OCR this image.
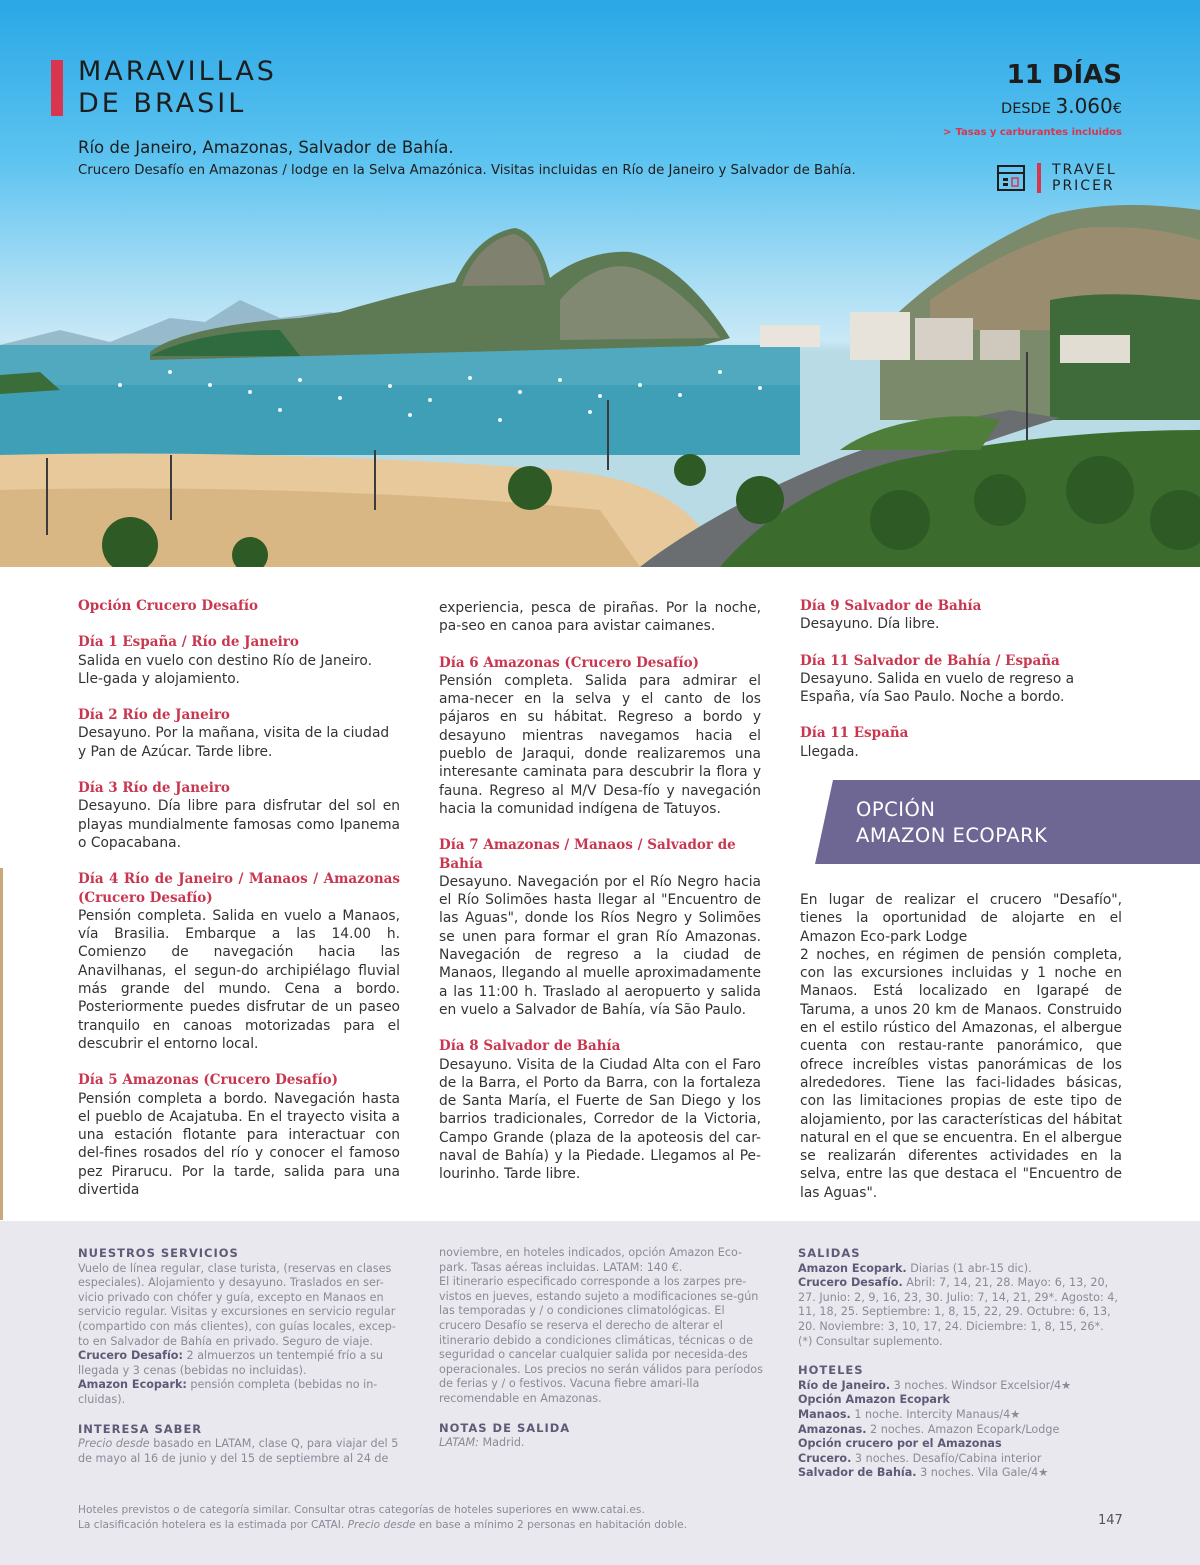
MARAVILLAS
DE BRASIL
Río de Janeiro, Amazonas, Salvador de Bahía.
Crucero Desafío en Amazonas / lodge en la Selva Amazónica. Visitas incluidas en Río de Janeiro y Salvador de Bahía.
11 DÍAS
DESDE 3.060€
> Tasas y carburantes incluidos
TRAVEL
PRICER
Opción Crucero Desafío
Día 1 España / Río de Janeiro
Salida en vuelo con destino Río de Janeiro. Lle-gada y alojamiento.
Día 2 Río de Janeiro
Desayuno. Por la mañana, visita de la ciudad y Pan de Azúcar. Tarde libre.
Día 3 Río de Janeiro
Desayuno. Día libre para disfrutar del sol en playas mundialmente famosas como Ipanema o Copacabana.
Día 4 Río de Janeiro / Manaos / Amazonas (Crucero Desafío)
Pensión completa. Salida en vuelo a Manaos, vía Brasilia. Embarque a las 14.00 h. Comienzo de navegación hacia las Anavilhanas, el segun-do archipiélago fluvial más grande del mundo. Cena a bordo. Posteriormente puedes disfrutar de un paseo tranquilo en canoas motorizadas para el descubrir el entorno local.
Día 5 Amazonas (Crucero Desafío)
Pensión completa a bordo. Navegación hasta el pueblo de Acajatuba. En el trayecto visita a una estación flotante para interactuar con del-fines rosados del río y conocer el famoso pez Pirarucu. Por la tarde, salida para una divertida
experiencia, pesca de pirañas. Por la noche, pa-seo en canoa para avistar caimanes.
Día 6 Amazonas (Crucero Desafío)
Pensión completa. Salida para admirar el ama-necer en la selva y el canto de los pájaros en su hábitat. Regreso a bordo y desayuno mientras navegamos hacia el pueblo de Jaraqui, donde realizaremos una interesante caminata para descubrir la flora y fauna. Regreso al M/V Desa-fío y navegación hacia la comunidad indígena de Tatuyos.
Día 7 Amazonas / Manaos / Salvador de Bahía
Desayuno. Navegación por el Río Negro hacia el Río Solimões hasta llegar al "Encuentro de las Aguas", donde los Ríos Negro y Solimões se unen para formar el gran Río Amazonas. Navegación de regreso a la ciudad de Manaos, llegando al muelle aproximadamente a las 11:00 h. Traslado al aeropuerto y salida en vuelo a Salvador de Bahía, vía São Paulo.
Día 8 Salvador de Bahía
Desayuno. Visita de la Ciudad Alta con el Faro de la Barra, el Porto da Barra, con la fortaleza de Santa María, el Fuerte de San Diego y los barrios tradicionales, Corredor de la Victoria, Campo Grande (plaza de la apoteosis del car-naval de Bahía) y la Piedade. Llegamos al Pe-lourinho. Tarde libre.
Día 9 Salvador de Bahía
Desayuno. Día libre.
Día 11 Salvador de Bahía / España
Desayuno. Salida en vuelo de regreso a España, vía Sao Paulo. Noche a bordo.
Día 11 España
Llegada.
OPCIÓN
AMAZON ECOPARK
En lugar de realizar el crucero "Desafío", tienes la oportunidad de alojarte en el Amazon Eco-park Lodge
2 noches, en régimen de pensión completa, con las excursiones incluidas y 1 noche en Manaos. Está localizado en Igarapé de Taruma, a unos 20 km de Manaos. Construido en el estilo rústico del Amazonas, el albergue cuenta con restau-rante panorámico, que ofrece increíbles vistas panorámicas de los alrededores. Tiene las faci-lidades básicas, con las limitaciones propias de este tipo de alojamiento, por las características del hábitat natural en el que se encuentra. En el albergue se realizarán diferentes actividades en la selva, entre las que destaca el "Encuentro de las Aguas".
NUESTROS SERVICIOS
Vuelo de línea regular, clase turista, (reservas en clases especiales). Alojamiento y desayuno. Traslados en ser-vicio privado con chófer y guía, excepto en Manaos en servicio regular. Visitas y excursiones en servicio regular (compartido con más clientes), con guías locales, excep-to en Salvador de Bahía en privado. Seguro de viaje.
Crucero Desafío: 2 almuerzos un tentempié frío a su llegada y 3 cenas (bebidas no incluidas).
Amazon Ecopark: pensión completa (bebidas no in-cluidas).
INTERESA SABER
Precio desde basado en LATAM, clase Q, para viajar del 5 de mayo al 16 de junio y del 15 de septiembre al 24 de
noviembre, en hoteles indicados, opción Amazon Eco-park. Tasas aéreas incluidas. LATAM: 140 €.
El itinerario especificado corresponde a los zarpes pre-vistos en jueves, estando sujeto a modificaciones se-gún las temporadas y / o condiciones climatológicas. El crucero Desafío se reserva el derecho de alterar el itinerario debido a condiciones climáticas, técnicas o de seguridad o cancelar cualquier salida por necesida-des operacionales. Los precios no serán válidos para períodos de ferias y / o festivos. Vacuna fiebre amari-lla recomendable en Amazonas.
NOTAS DE SALIDA
LATAM: Madrid.
SALIDAS
Amazon Ecopark. Diarias (1 abr-15 dic).
Crucero Desafío. Abril: 7, 14, 21, 28. Mayo: 6, 13, 20, 27. Junio: 2, 9, 16, 23, 30. Julio: 7, 14, 21, 29*. Agosto: 4, 11, 18, 25. Septiembre: 1, 8, 15, 22, 29. Octubre: 6, 13, 20. Noviembre: 3, 10, 17, 24. Diciembre: 1, 8, 15, 26*.
(*) Consultar suplemento.
HOTELES
Río de Janeiro. 3 noches. Windsor Excelsior/4★
Opción Amazon Ecopark
Manaos. 1 noche. Intercity Manaus/4★
Amazonas. 2 noches. Amazon Ecopark/Lodge
Opción crucero por el Amazonas
Crucero. 3 noches. Desafío/Cabina interior
Salvador de Bahía. 3 noches. Vila Gale/4★
Hoteles previstos o de categoría similar. Consultar otras categorías de hoteles superiores en www.catai.es.
La clasificación hotelera es la estimada por CATAI. Precio desde en base a mínimo 2 personas en habitación doble.	147
